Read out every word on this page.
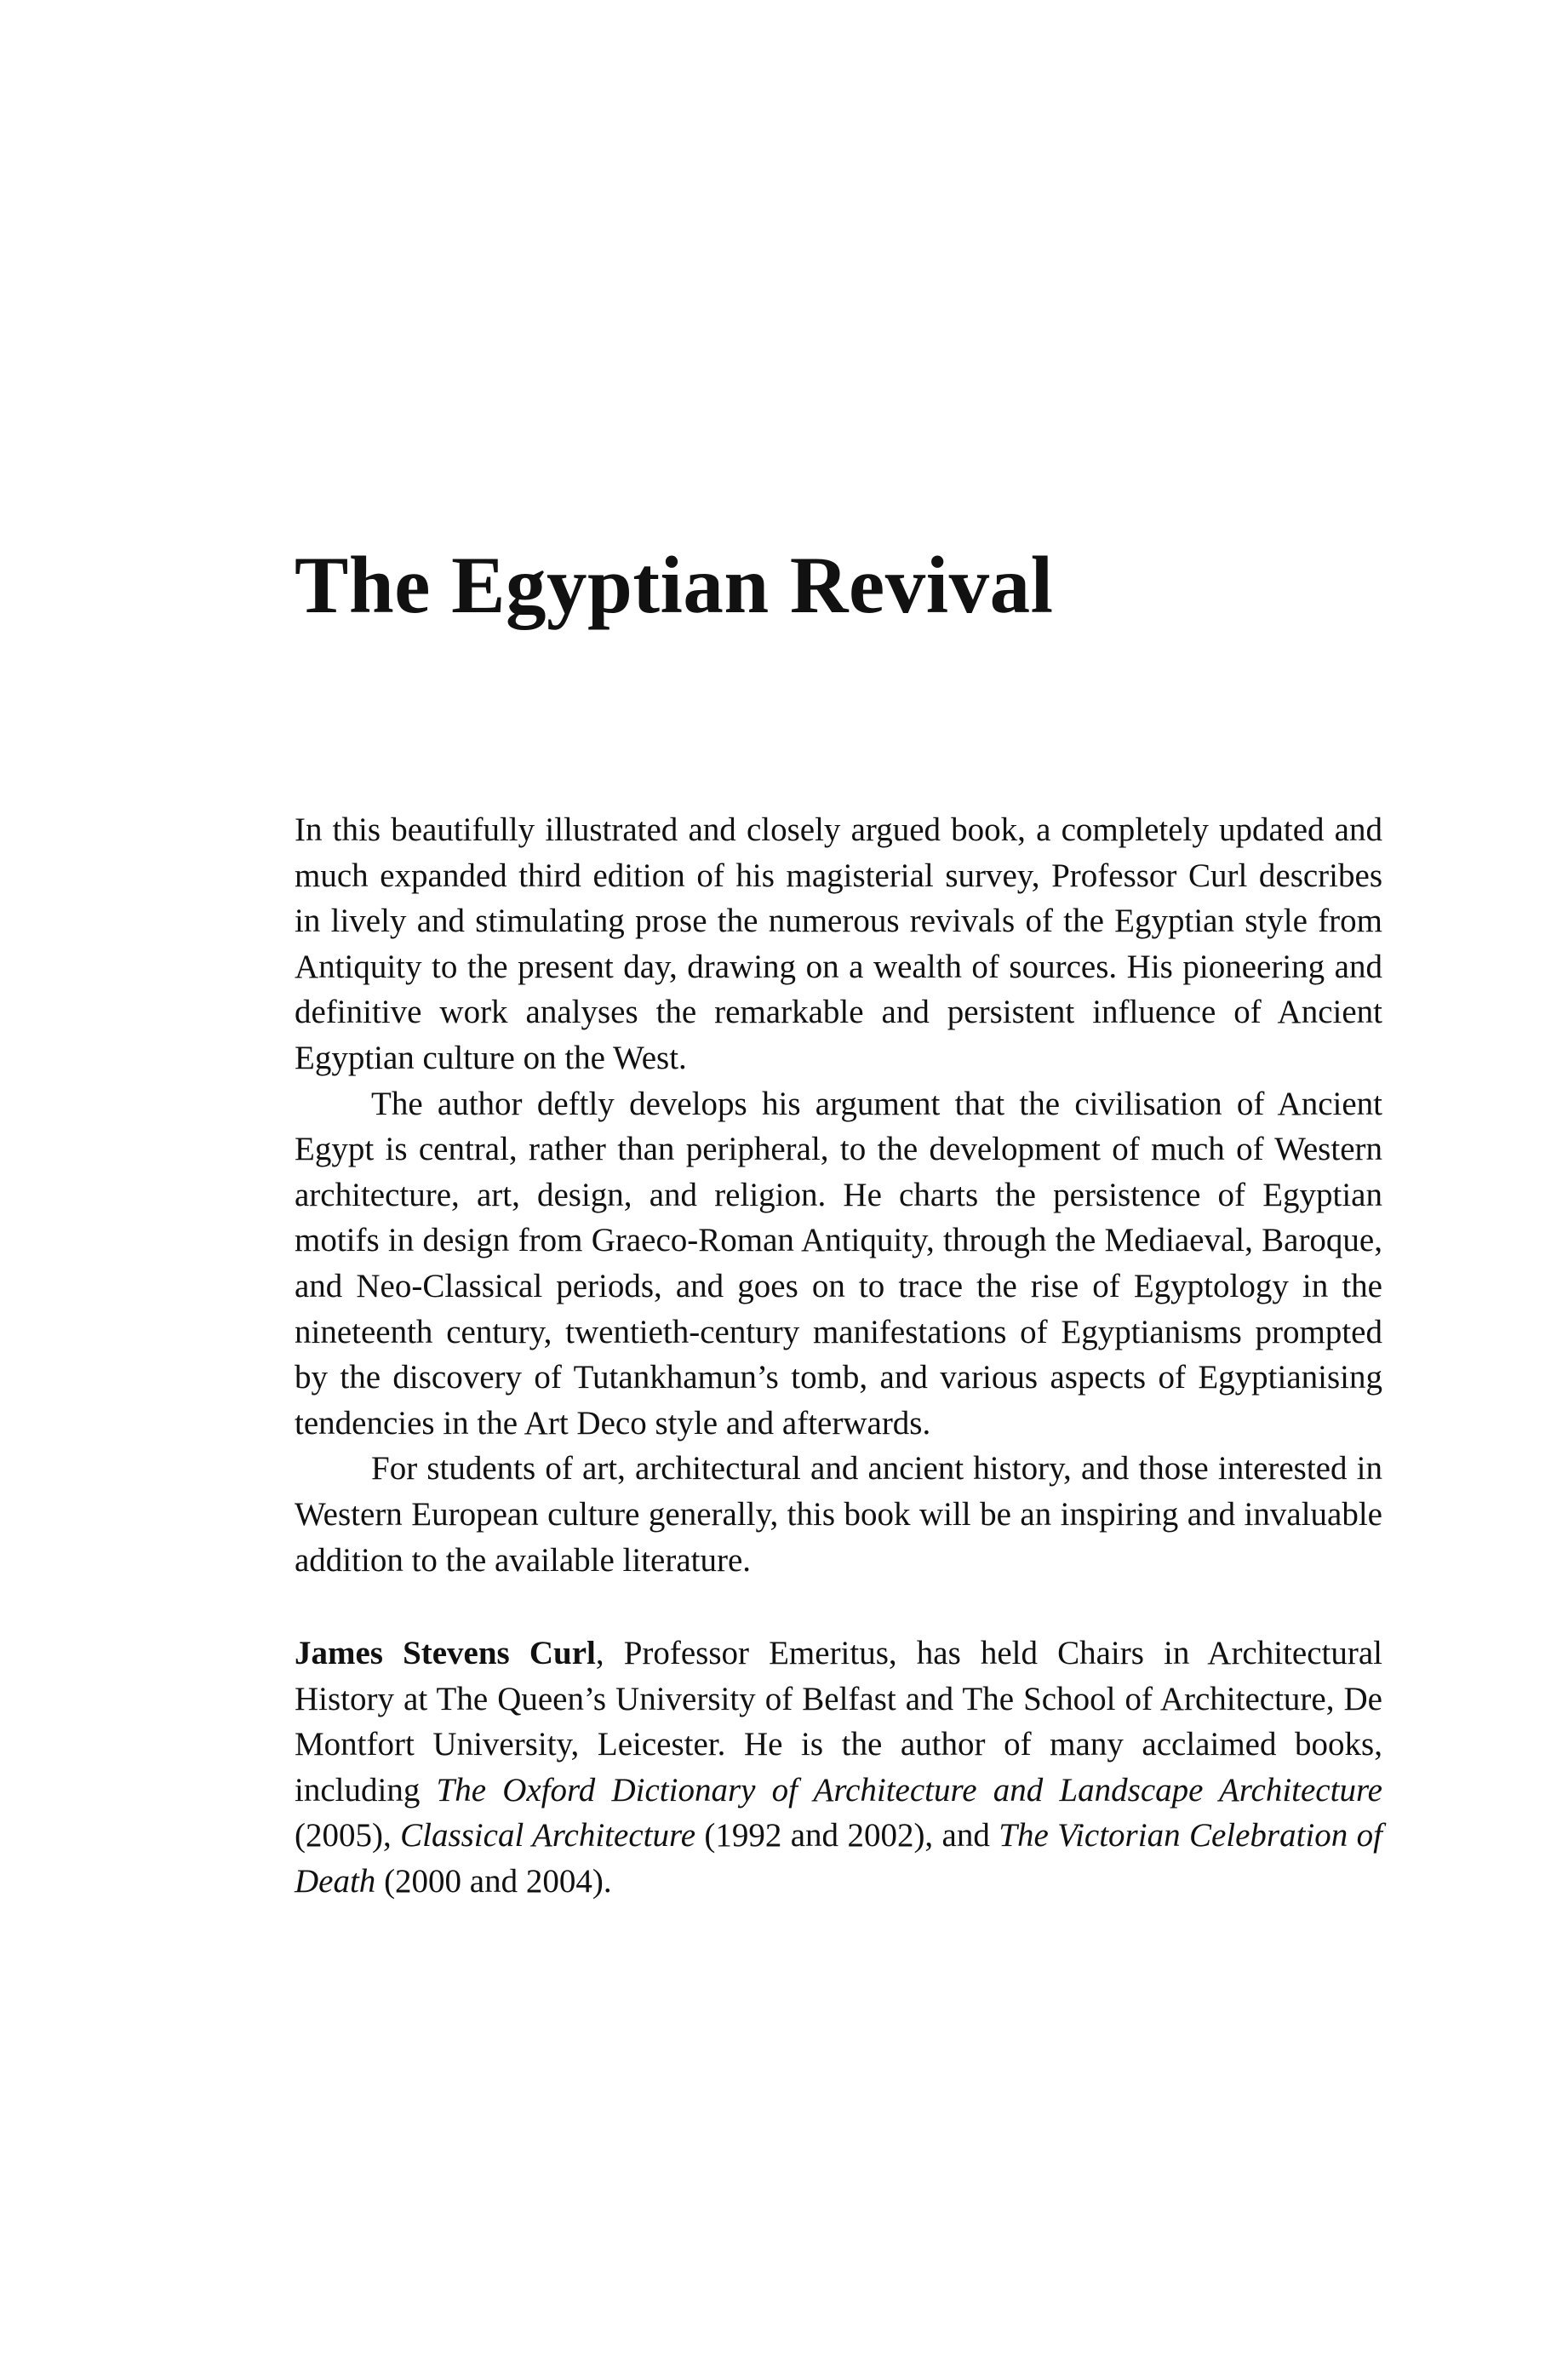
The Egyptian Revival

In this beautifully illustrated and closely argued book, a completely updated and much expanded third edition of his magisterial survey, Professor Curl describes in lively and stimulating prose the numerous revivals of the Egyptian style from Antiquity to the present day, drawing on a wealth of sources. His pioneering and definitive work analyses the remarkable and persistent influence of Ancient Egyptian culture on the West.

The author deftly develops his argument that the civilisation of Ancient Egypt is central, rather than peripheral, to the development of much of Western architecture, art, design, and religion. He charts the persistence of Egyptian motifs in design from Graeco-Roman Antiquity, through the Mediaeval, Baroque, and Neo-Classical periods, and goes on to trace the rise of Egyptology in the nineteenth century, twentieth-century manifestations of Egyptianisms prompted by the discovery of Tutankhamun’s tomb, and various aspects of Egyptianising tendencies in the Art Deco style and afterwards.

For students of art, architectural and ancient history, and those interested in Western European culture generally, this book will be an inspiring and invaluable addition to the available literature.

James Stevens Curl, Professor Emeritus, has held Chairs in Architectural History at The Queen’s University of Belfast and The School of Architecture, De Montfort University, Leicester. He is the author of many acclaimed books, including The Oxford Dictionary of Architecture and Landscape Architecture (2005), Classical Architecture (1992 and 2002), and The Victorian Celebration of Death (2000 and 2004).
